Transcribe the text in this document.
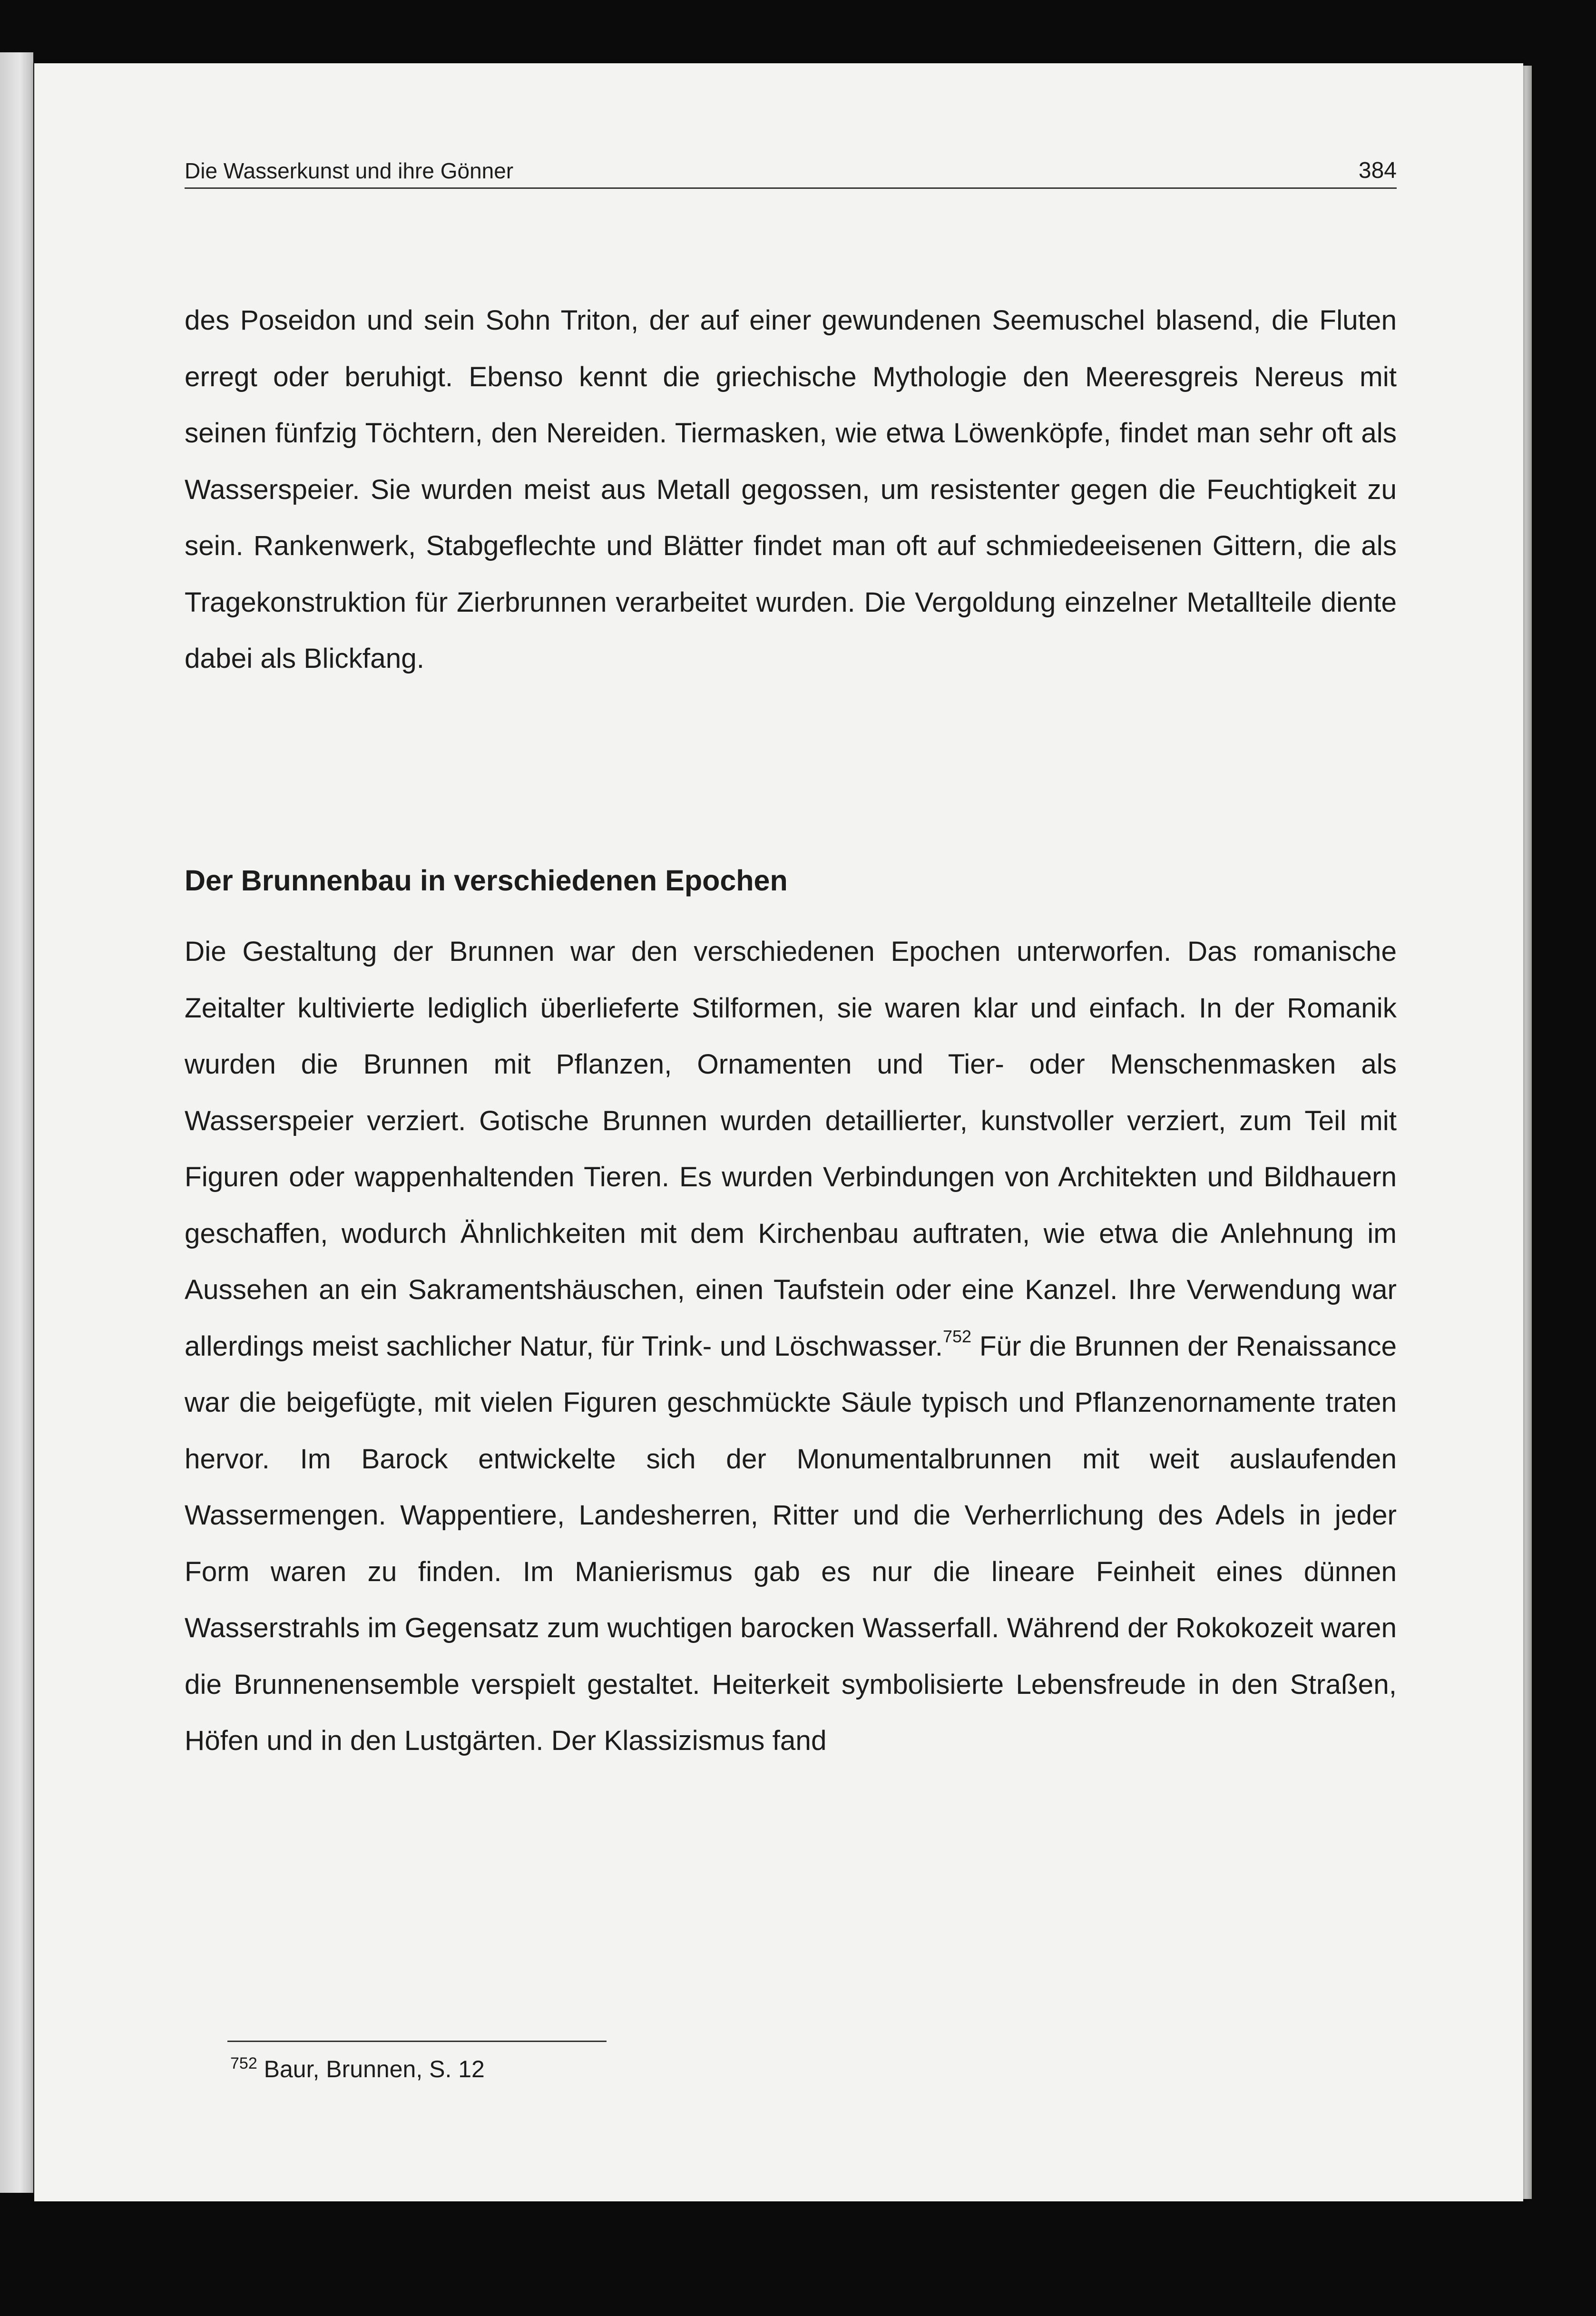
Die Wasserkunst und ihre Gönner	384

des Poseidon und sein Sohn Triton, der auf einer gewundenen Seemuschel blasend, die Fluten erregt oder beruhigt. Ebenso kennt die griechische Mythologie den Meeresgreis Nereus mit seinen fünfzig Töchtern, den Nereiden. Tiermasken, wie etwa Löwenköpfe, findet man sehr oft als Wasserspeier. Sie wurden meist aus Metall gegossen, um resistenter gegen die Feuchtigkeit zu sein. Rankenwerk, Stabgeflechte und Blätter findet man oft auf schmiedeeisenen Gittern, die als Tragekonstruktion für Zierbrunnen verarbeitet wurden. Die Vergoldung einzelner Metallteile diente dabei als Blickfang.

Der Brunnenbau in verschiedenen Epochen

Die Gestaltung der Brunnen war den verschiedenen Epochen unterworfen. Das romanische Zeitalter kultivierte lediglich überlieferte Stilformen, sie waren klar und einfach. In der Romanik wurden die Brunnen mit Pflanzen, Ornamenten und Tier- oder Menschenmasken als Wasserspeier verziert. Gotische Brunnen wurden detaillierter, kunstvoller verziert, zum Teil mit Figuren oder wappenhaltenden Tieren. Es wurden Verbindungen von Architekten und Bildhauern geschaffen, wodurch Ähnlichkeiten mit dem Kirchenbau auftraten, wie etwa die Anlehnung im Aussehen an ein Sakramentshäuschen, einen Taufstein oder eine Kanzel. Ihre Verwendung war allerdings meist sachlicher Natur, für Trink- und Löschwasser.$^{752}$ Für die Brunnen der Renaissance war die beigefügte, mit vielen Figuren geschmückte Säule typisch und Pflanzenornamente traten hervor. Im Barock entwickelte sich der Monumentalbrunnen mit weit auslaufenden Wassermengen. Wappentiere, Landesherren, Ritter und die Verherrlichung des Adels in jeder Form waren zu finden. Im Manierismus gab es nur die lineare Feinheit eines dünnen Wasserstrahls im Gegensatz zum wuchtigen barocken Wasserfall. Während der Rokokozeit waren die Brunnenensemble verspielt gestaltet. Heiterkeit symbolisierte Lebensfreude in den Straßen, Höfen und in den Lustgärten. Der Klassizismus fand

$^{752}$ Baur, Brunnen, S. 12
